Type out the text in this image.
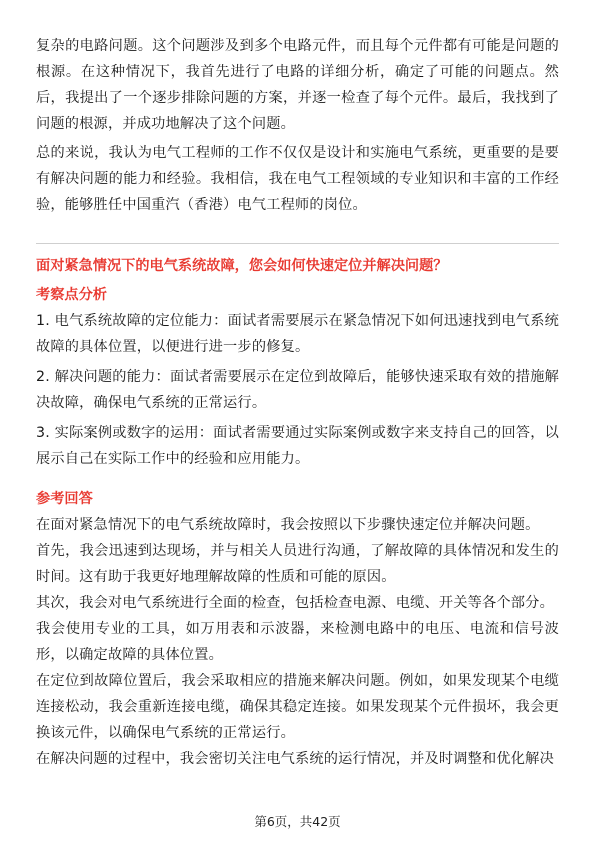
复杂的电路问题。这个问题涉及到多个电路元件，而且每个元件都有可能是问题的根源。在这种情况下，我首先进行了电路的详细分析，确定了可能的问题点。然后，我提出了一个逐步排除问题的方案，并逐一检查了每个元件。最后，我找到了问题的根源，并成功地解决了这个问题。

总的来说，我认为电气工程师的工作不仅仅是设计和实施电气系统，更重要的是要有解决问题的能力和经验。我相信，我在电气工程领域的专业知识和丰富的工作经验，能够胜任中国重汽（香港）电气工程师的岗位。

面对紧急情况下的电气系统故障，您会如何快速定位并解决问题？

考察点分析

1. 电气系统故障的定位能力：面试者需要展示在紧急情况下如何迅速找到电气系统故障的具体位置，以便进行进一步的修复。

2. 解决问题的能力：面试者需要展示在定位到故障后，能够快速采取有效的措施解决故障，确保电气系统的正常运行。

3. 实际案例或数字的运用：面试者需要通过实际案例或数字来支持自己的回答，以展示自己在实际工作中的经验和应用能力。

参考回答

在面对紧急情况下的电气系统故障时，我会按照以下步骤快速定位并解决问题。

首先，我会迅速到达现场，并与相关人员进行沟通，了解故障的具体情况和发生的时间。这有助于我更好地理解故障的性质和可能的原因。

其次，我会对电气系统进行全面的检查，包括检查电源、电缆、开关等各个部分。

我会使用专业的工具，如万用表和示波器，来检测电路中的电压、电流和信号波形，以确定故障的具体位置。

在定位到故障位置后，我会采取相应的措施来解决问题。例如，如果发现某个电缆连接松动，我会重新连接电缆，确保其稳定连接。如果发现某个元件损坏，我会更换该元件，以确保电气系统的正常运行。

在解决问题的过程中，我会密切关注电气系统的运行情况，并及时调整和优化解决

第6页，共42页
